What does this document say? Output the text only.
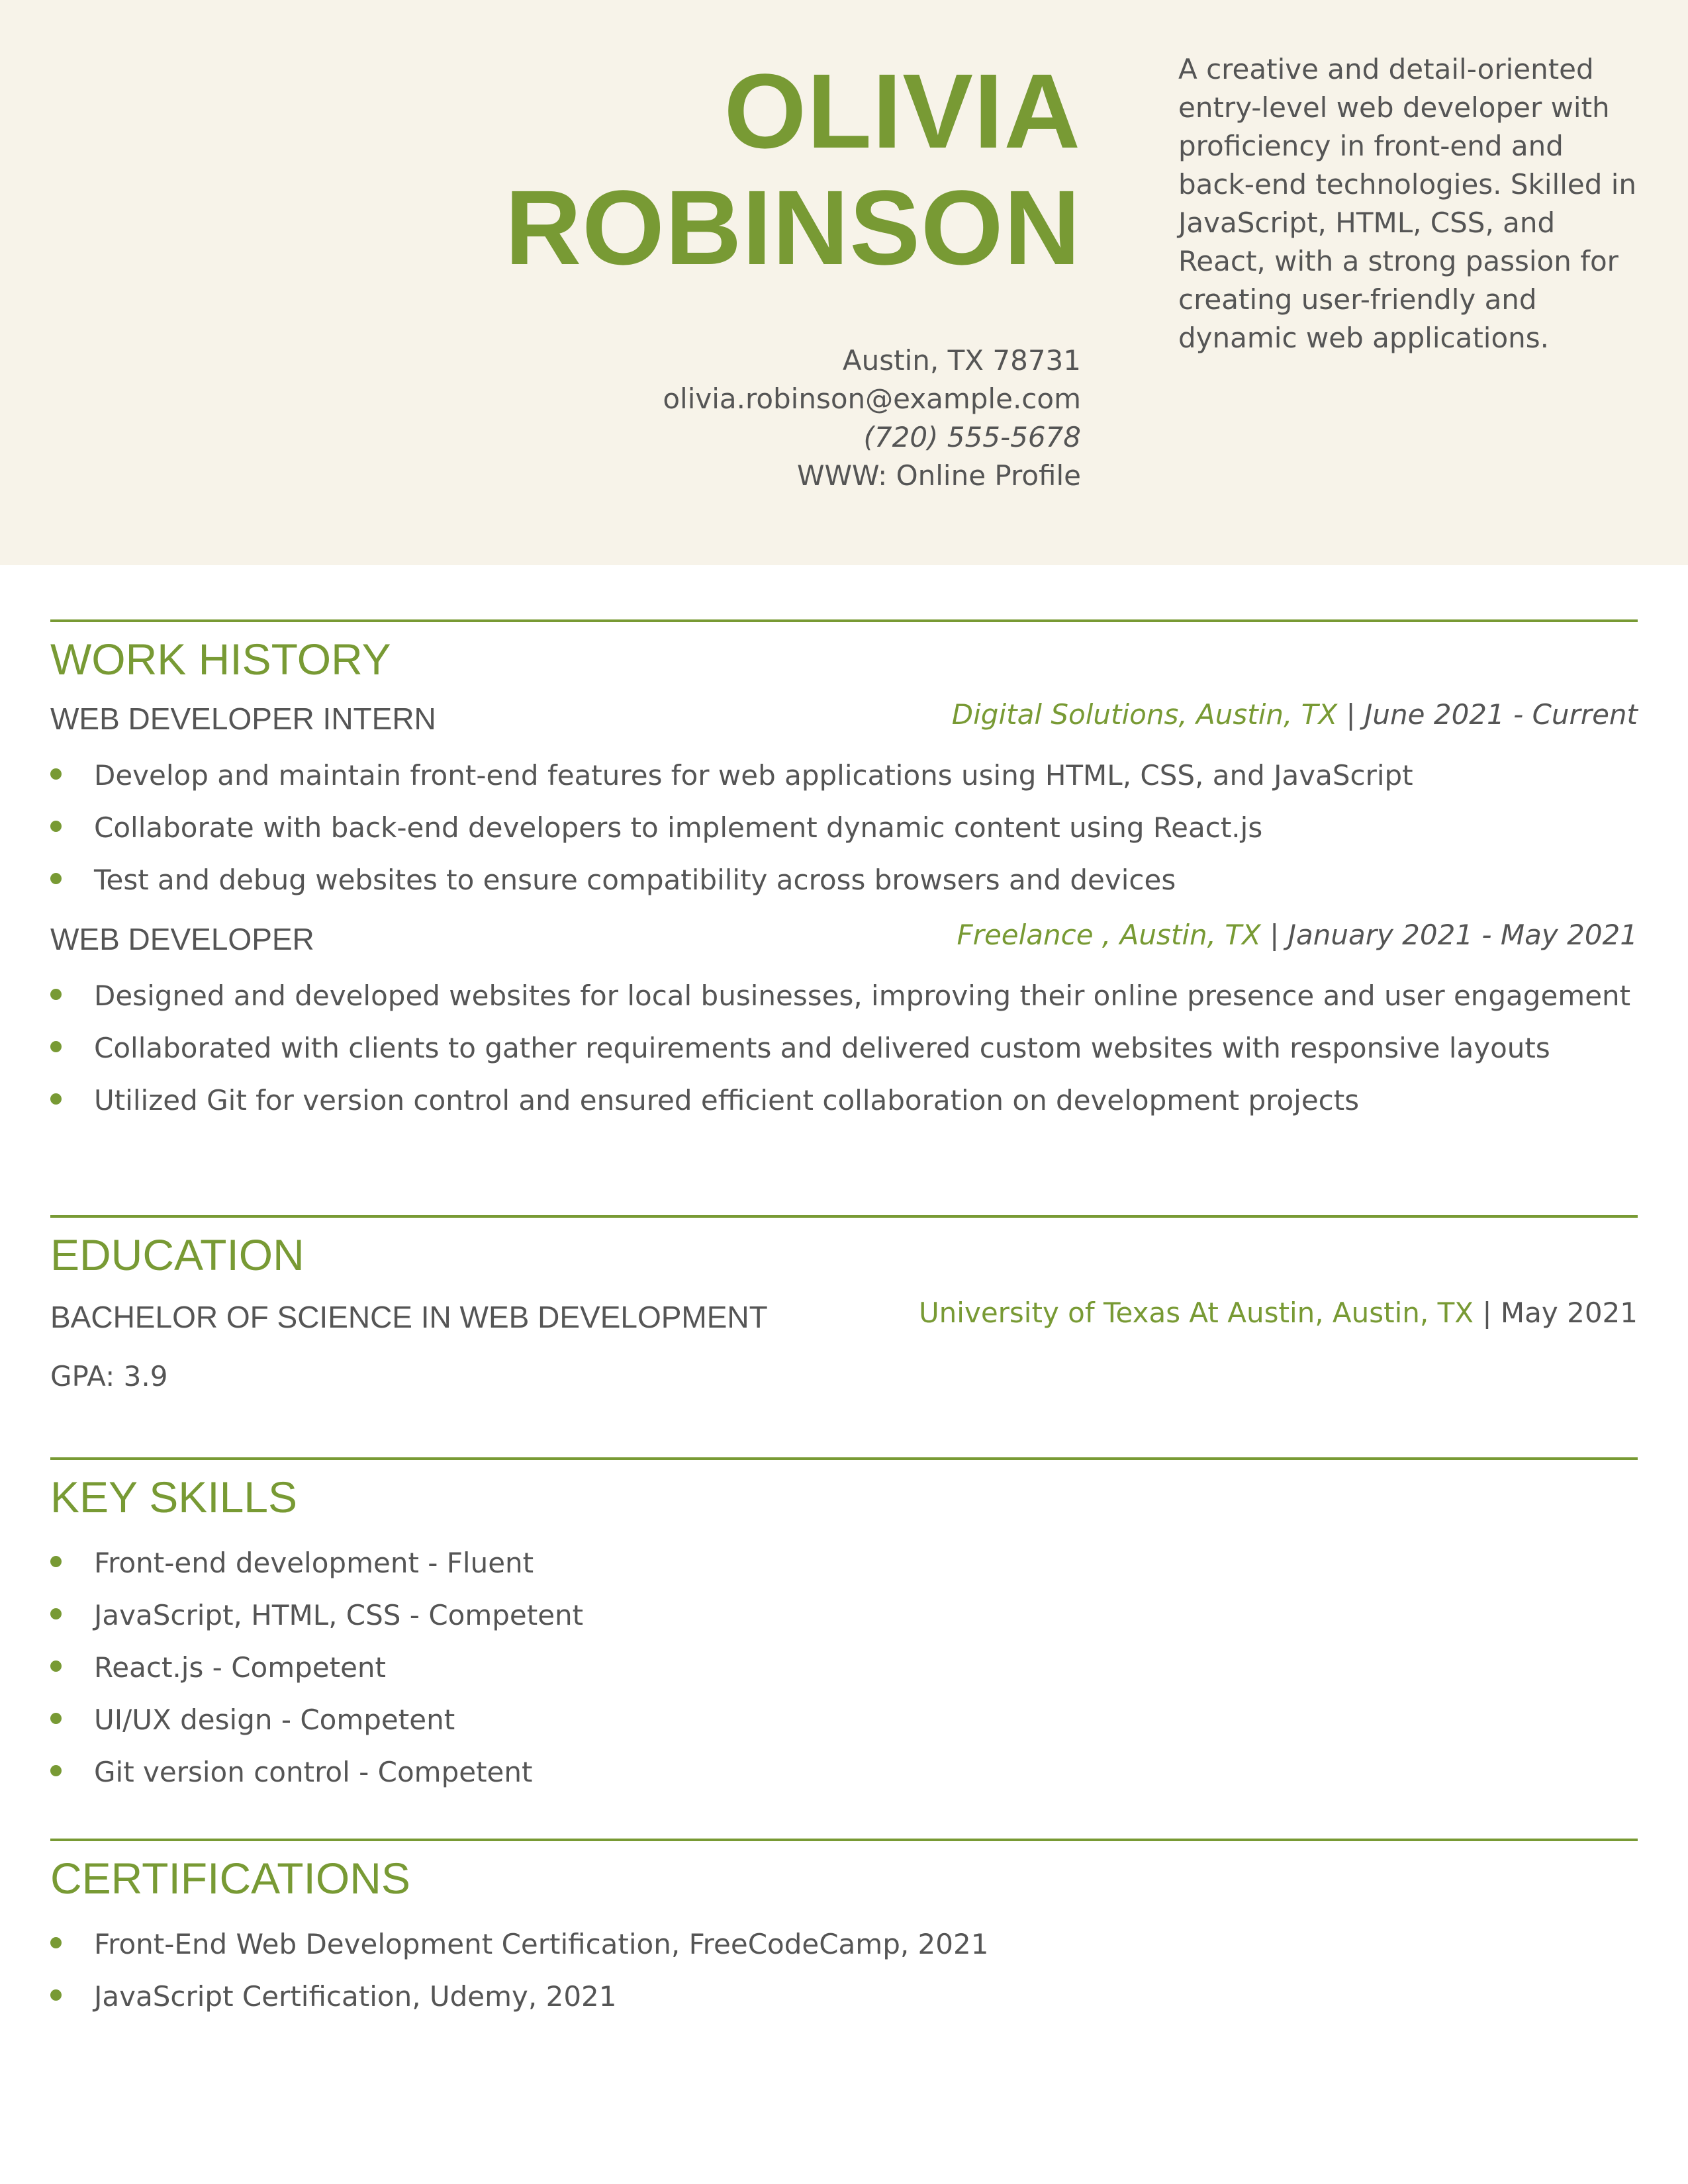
OLIVIA
ROBINSON
Austin, TX 78731
olivia.robinson@example.com
(720) 555-5678
WWW: Online Profile
A creative and detail-oriented entry-level web developer with proficiency in front-end and back-end technologies. Skilled in JavaScript, HTML, CSS, and React, with a strong passion for creating user-friendly and dynamic web applications.
WORK HISTORY
WEB DEVELOPER INTERN	Digital Solutions, Austin, TX | June 2021 - Current
Develop and maintain front-end features for web applications using HTML, CSS, and JavaScript
Collaborate with back-end developers to implement dynamic content using React.js
Test and debug websites to ensure compatibility across browsers and devices
WEB DEVELOPER	Freelance , Austin, TX | January 2021 - May 2021
Designed and developed websites for local businesses, improving their online presence and user engagement
Collaborated with clients to gather requirements and delivered custom websites with responsive layouts
Utilized Git for version control and ensured efficient collaboration on development projects
EDUCATION
BACHELOR OF SCIENCE IN WEB DEVELOPMENT	University of Texas At Austin, Austin, TX | May 2021
GPA: 3.9
KEY SKILLS
Front-end development - Fluent
JavaScript, HTML, CSS - Competent
React.js - Competent
UI/UX design - Competent
Git version control - Competent
CERTIFICATIONS
Front-End Web Development Certification, FreeCodeCamp, 2021
JavaScript Certification, Udemy, 2021
